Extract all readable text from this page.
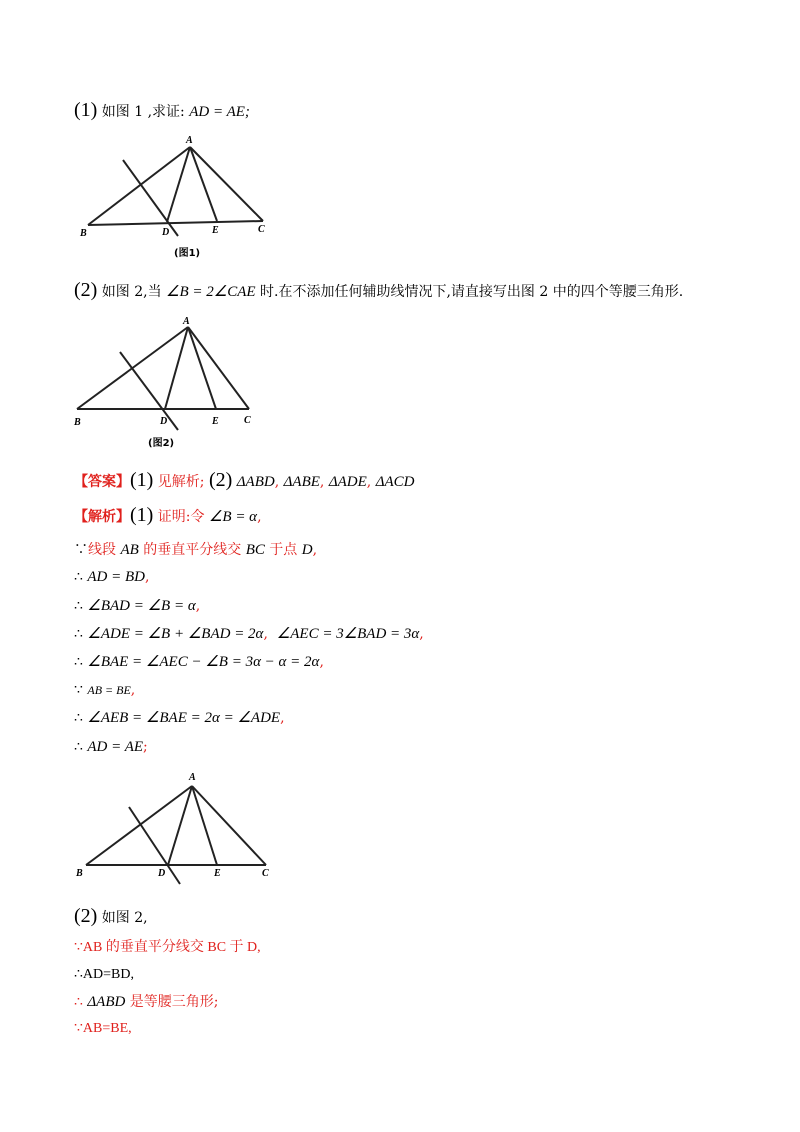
(1) 如图 1 ,求证: AD = AE;
A
B	C
D	E
(图1)
(2) 如图 2,当 ∠B = 2∠CAE 时.在不添加任何辅助线情况下,请直接写出图 2 中的四个等腰三角形.
A
B	C
D	E
(图2)
【答案】(1) 见解析; (2) ΔABD, ΔABE, ΔADE, ΔACD
【解析】(1) 证明:令 ∠B = α,
∵线段 AB 的垂直平分线交 BC 于点 D,
∴ AD = BD,
∴ ∠BAD = ∠B = α,
∴ ∠ADE = ∠B + ∠BAD = 2α, ∠AEC = 3∠BAD = 3α,
∴ ∠BAE = ∠AEC − ∠B = 3α − α = 2α,
∵ AB = BE,
∴ ∠AEB = ∠BAE = 2α = ∠ADE,
∴ AD = AE;
A
B	C
D	E
(2) 如图 2,
∵AB 的垂直平分线交 BC 于 D,
∴AD=BD,
∴ ΔABD 是等腰三角形;
∵AB=BE,
